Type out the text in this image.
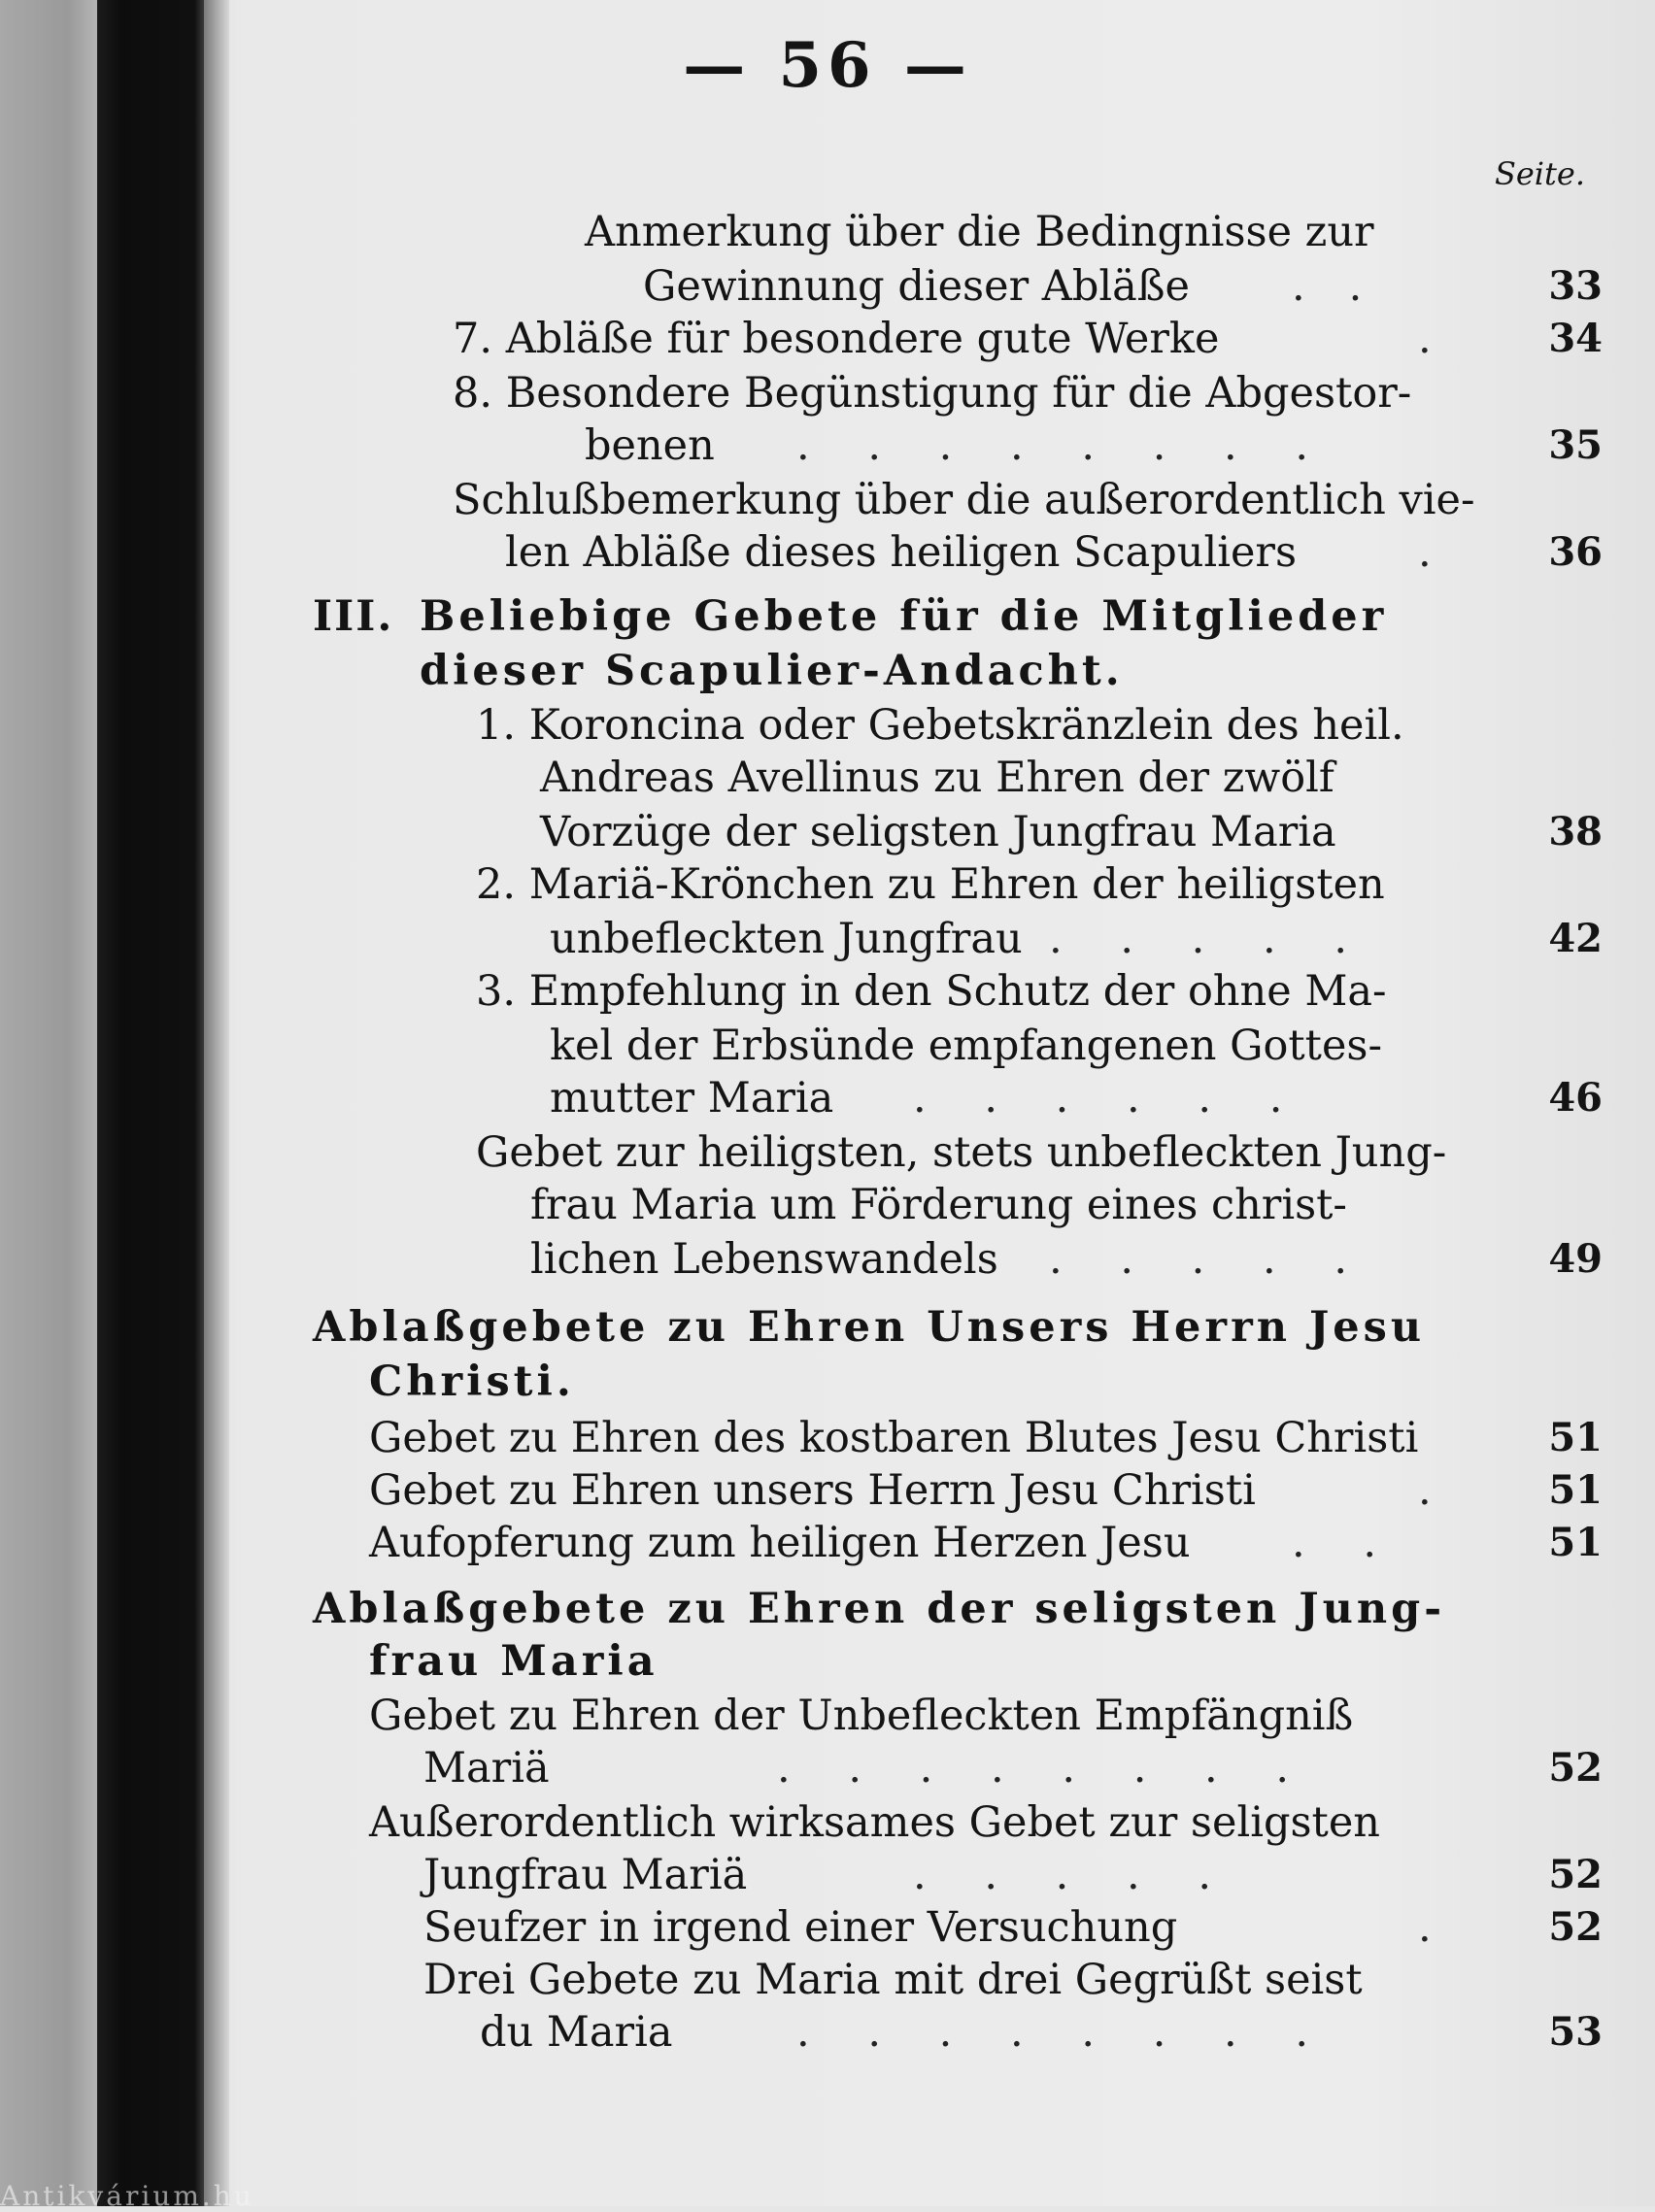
— 56 —
Seite.
Anmerkung über die Bedingnisse zur
Gewinnung dieser Abläße .   .	33
7. Abläße für besondere gute Werke	.	34
8. Besondere Begünstigung für die Abgestor-
benen .    .    .    .    .    .    .    .	35
Schlußbemerkung über die außerordentlich vie-
len Abläße dieses heiligen Scapuliers	.	36
III. Beliebige Gebete für die Mitglieder
dieser Scapulier-Andacht.
1. Koroncina oder Gebetskränzlein des heil.
Andreas Avellinus zu Ehren der zwölf
Vorzüge der seligsten Jungfrau Maria	38
2. Mariä-Krönchen zu Ehren der heiligsten
unbefleckten Jungfrau .    .    .    .    .	42
3. Empfehlung in den Schutz der ohne Ma-
kel der Erbsünde empfangenen Gottes-
mutter Maria .    .    .    .    .    .	46
Gebet zur heiligsten, stets unbefleckten Jung-
frau Maria um Förderung eines christ-
lichen Lebenswandels .    .    .    .    .	49
Ablaßgebete zu Ehren Unsers Herrn Jesu
Christi.
Gebet zu Ehren des kostbaren Blutes Jesu Christi	51
Gebet zu Ehren unsers Herrn Jesu Christi	.	51
Aufopferung zum heiligen Herzen Jesu .    .	51
Ablaßgebete zu Ehren der seligsten Jung-
frau Maria
Gebet zu Ehren der Unbefleckten Empfängniß
Mariä	.    .    .    .    .    .    .    .	52
Außerordentlich wirksames Gebet zur seligsten
Jungfrau Mariä	.    .    .    .    .	52
Seufzer in irgend einer Versuchung	.	52
Drei Gebete zu Maria mit drei Gegrüßt seist
du Maria	.    .    .    .    .    .    .    .	53
Antikvárium.hu
